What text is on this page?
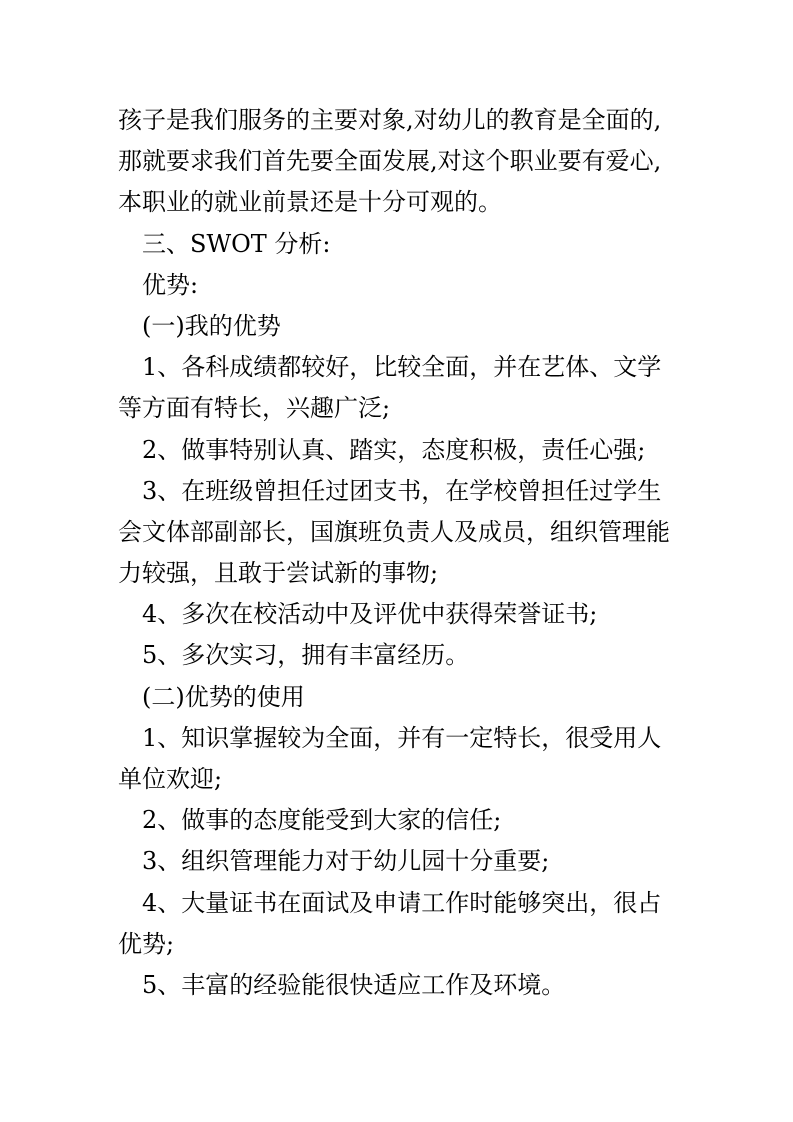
孩子是我们服务的主要对象,对幼儿的教育是全面的,
那就要求我们首先要全面发展,对这个职业要有爱心,
本职业的就业前景还是十分可观的。
三、SWOT 分析:
优势:
(一)我的优势
1、各科成绩都较好，比较全面，并在艺体、文学
等方面有特长，兴趣广泛;
2、做事特别认真、踏实，态度积极，责任心强;
3、在班级曾担任过团支书，在学校曾担任过学生
会文体部副部长，国旗班负责人及成员，组织管理能
力较强，且敢于尝试新的事物;
4、多次在校活动中及评优中获得荣誉证书;
5、多次实习，拥有丰富经历。
(二)优势的使用
1、知识掌握较为全面，并有一定特长，很受用人
单位欢迎;
2、做事的态度能受到大家的信任;
3、组织管理能力对于幼儿园十分重要;
4、大量证书在面试及申请工作时能够突出，很占
优势;
5、丰富的经验能很快适应工作及环境。
